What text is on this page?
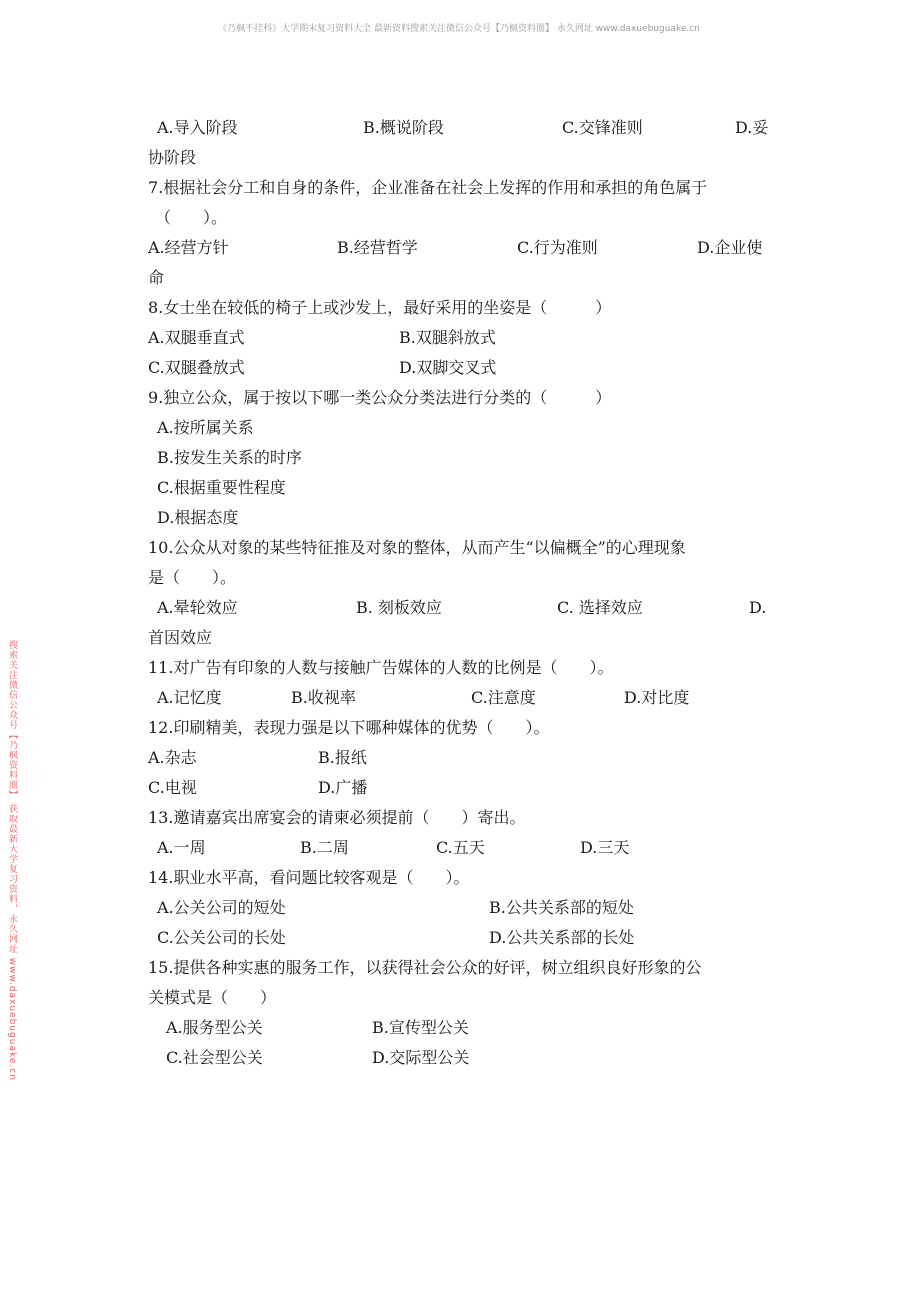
《乃枫不挂科》大学期末复习资料大全 最新资料搜索关注微信公众号【乃枫资料圈】 永久网址 www.daxuebuguake.cn
搜索关注微信公众号【乃枫资料圈】 获取最新大学复习资料，永久网址 www.daxuebuguake.cn
A.导入阶段	B.概说阶段	C.交锋准则	D.妥
协阶段
7.根据社会分工和自身的条件，企业准备在社会上发挥的作用和承担的角色属于
（　　）。
A.经营方针	B.经营哲学	C.行为准则	D.企业使
命
8.女士坐在较低的椅子上或沙发上，最好采用的坐姿是（　　　）
A.双腿垂直式	B.双腿斜放式
C.双腿叠放式	D.双脚交叉式
9.独立公众，属于按以下哪一类公众分类法进行分类的（　　　）
A.按所属关系
B.按发生关系的时序
C.根据重要性程度
D.根据态度
10.公众从对象的某些特征推及对象的整体，从而产生“以偏概全”的心理现象
是（　　）。
A.晕轮效应	B. 刻板效应	C. 选择效应	D.
首因效应
11.对广告有印象的人数与接触广告媒体的人数的比例是（　　）。
A.记忆度	B.收视率	C.注意度	D.对比度
12.印刷精美，表现力强是以下哪种媒体的优势（　　）。
A.杂志	B.报纸
C.电视	D.广播
13.邀请嘉宾出席宴会的请柬必须提前（　　）寄出。
A.一周	B.二周	C.五天	D.三天
14.职业水平高，看问题比较客观是（　　）。
A.公关公司的短处	B.公共关系部的短处
C.公关公司的长处	D.公共关系部的长处
15.提供各种实惠的服务工作，以获得社会公众的好评，树立组织良好形象的公
关模式是（　　）
A.服务型公关	B.宣传型公关
C.社会型公关	D.交际型公关
